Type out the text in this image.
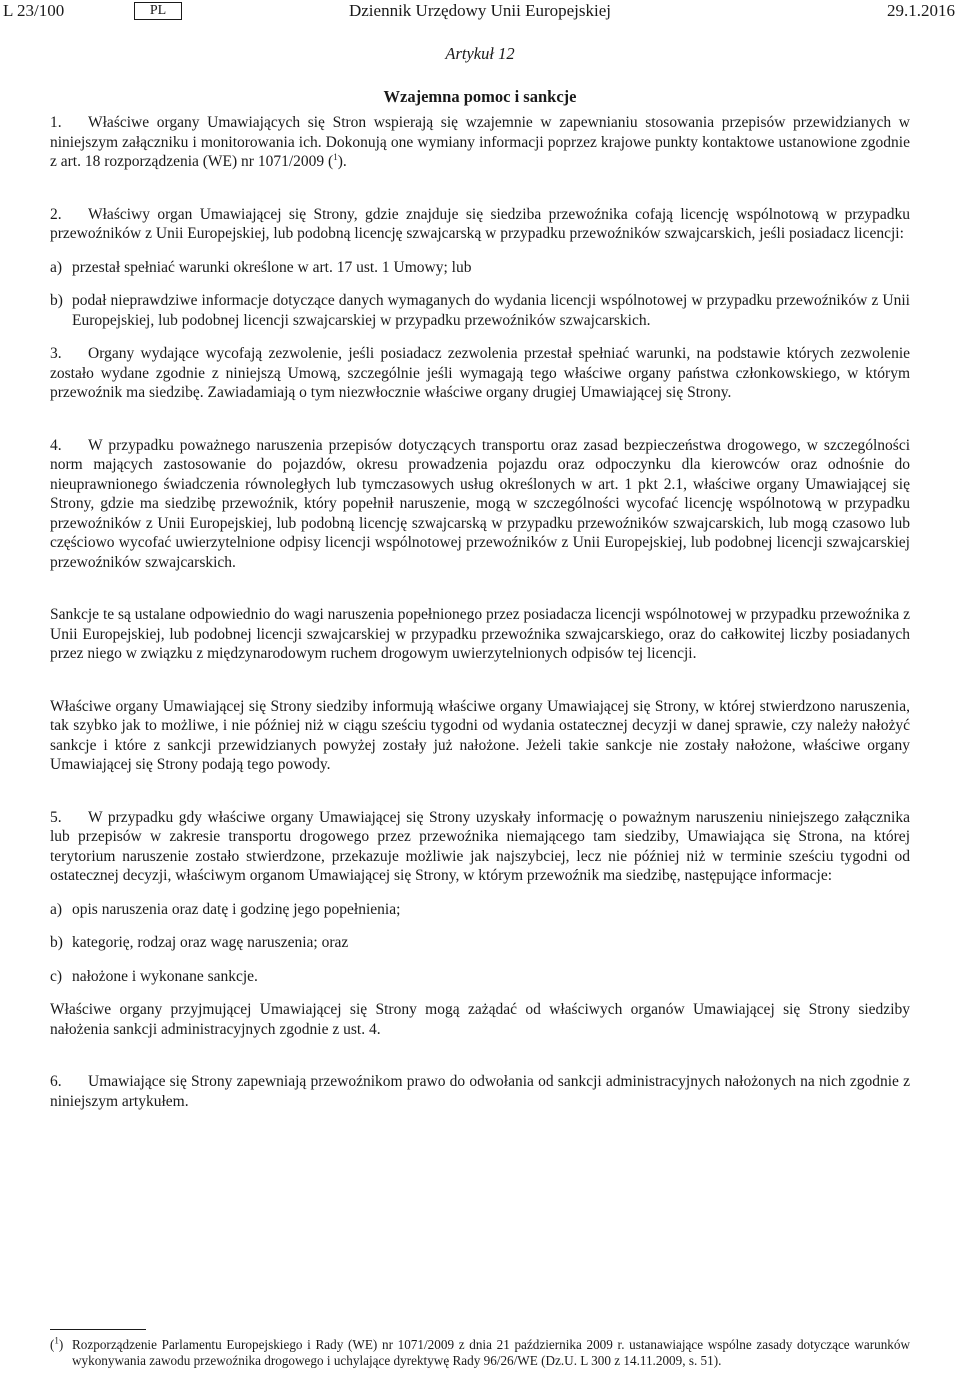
L 23/100	PL	Dziennik Urzędowy Unii Europejskiej	29.1.2016
Artykuł 12
Wzajemna pomoc i sankcje

1. Właściwe organy Umawiających się Stron wspierają się wzajemnie w zapewnianiu stosowania przepisów przewidzianych w niniejszym załączniku i monitorowania ich. Dokonują one wymiany informacji poprzez krajowe punkty kontaktowe ustanowione zgodnie z art. 18 rozporządzenia (WE) nr 1071/2009 ($^1$).

2. Właściwy organ Umawiającej się Strony, gdzie znajduje się siedziba przewoźnika cofają licencję wspólnotową w przypadku przewoźników z Unii Europejskiej, lub podobną licencję szwajcarską w przypadku przewoźników szwajcarskich, jeśli posiadacz licencji:

a) przestał spełniać warunki określone w art. 17 ust. 1 Umowy; lub

b) podał nieprawdziwe informacje dotyczące danych wymaganych do wydania licencji wspólnotowej w przypadku przewoźników z Unii Europejskiej, lub podobnej licencji szwajcarskiej w przypadku przewoźników szwajcarskich.

3. Organy wydające wycofają zezwolenie, jeśli posiadacz zezwolenia przestał spełniać warunki, na podstawie których zezwolenie zostało wydane zgodnie z niniejszą Umową, szczególnie jeśli wymagają tego właściwe organy państwa członkowskiego, w którym przewoźnik ma siedzibę. Zawiadamiają o tym niezwłocznie właściwe organy drugiej Umawiającej się Strony.

4. W przypadku poważnego naruszenia przepisów dotyczących transportu oraz zasad bezpieczeństwa drogowego, w szczególności norm mających zastosowanie do pojazdów, okresu prowadzenia pojazdu oraz odpoczynku dla kierowców oraz odnośnie do nieuprawnionego świadczenia równoległych lub tymczasowych usług określonych w art. 1 pkt 2.1, właściwe organy Umawiającej się Strony, gdzie ma siedzibę przewoźnik, który popełnił naruszenie, mogą w szczególności wycofać licencję wspólnotową w przypadku przewoźników z Unii Europejskiej, lub podobną licencję szwajcarską w przypadku przewoźników szwajcarskich, lub mogą czasowo lub częściowo wycofać uwierzytelnione odpisy licencji wspólnotowej przewoźników z Unii Europejskiej, lub podobnej licencji szwajcarskiej przewoźników szwajcarskich.

Sankcje te są ustalane odpowiednio do wagi naruszenia popełnionego przez posiadacza licencji wspólnotowej w przypadku przewoźnika z Unii Europejskiej, lub podobnej licencji szwajcarskiej w przypadku przewoźnika szwajcarskiego, oraz do całkowitej liczby posiadanych przez niego w związku z międzynarodowym ruchem drogowym uwierzytelnionych odpisów tej licencji.

Właściwe organy Umawiającej się Strony siedziby informują właściwe organy Umawiającej się Strony, w której stwierdzono naruszenia, tak szybko jak to możliwe, i nie później niż w ciągu sześciu tygodni od wydania ostatecznej decyzji w danej sprawie, czy należy nałożyć sankcje i które z sankcji przewidzianych powyżej zostały już nałożone. Jeżeli takie sankcje nie zostały nałożone, właściwe organy Umawiającej się Strony podają tego powody.

5. W przypadku gdy właściwe organy Umawiającej się Strony uzyskały informację o poważnym naruszeniu niniejszego załącznika lub przepisów w zakresie transportu drogowego przez przewoźnika niemającego tam siedziby, Umawiająca się Strona, na której terytorium naruszenie zostało stwierdzone, przekazuje możliwie jak najszybciej, lecz nie później niż w terminie sześciu tygodni od ostatecznej decyzji, właściwym organom Umawiającej się Strony, w którym przewoźnik ma siedzibę, następujące informacje:

a) opis naruszenia oraz datę i godzinę jego popełnienia;

b) kategorię, rodzaj oraz wagę naruszenia; oraz

c) nałożone i wykonane sankcje.

Właściwe organy przyjmującej Umawiającej się Strony mogą zażądać od właściwych organów Umawiającej się Strony siedziby nałożenia sankcji administracyjnych zgodnie z ust. 4.

6. Umawiające się Strony zapewniają przewoźnikom prawo do odwołania od sankcji administracyjnych nałożonych na nich zgodnie z niniejszym artykułem.

($^1$) Rozporządzenie Parlamentu Europejskiego i Rady (WE) nr 1071/2009 z dnia 21 października 2009 r. ustanawiające wspólne zasady dotyczące warunków wykonywania zawodu przewoźnika drogowego i uchylające dyrektywę Rady 96/26/WE (Dz.U. L 300 z 14.11.2009, s. 51).
